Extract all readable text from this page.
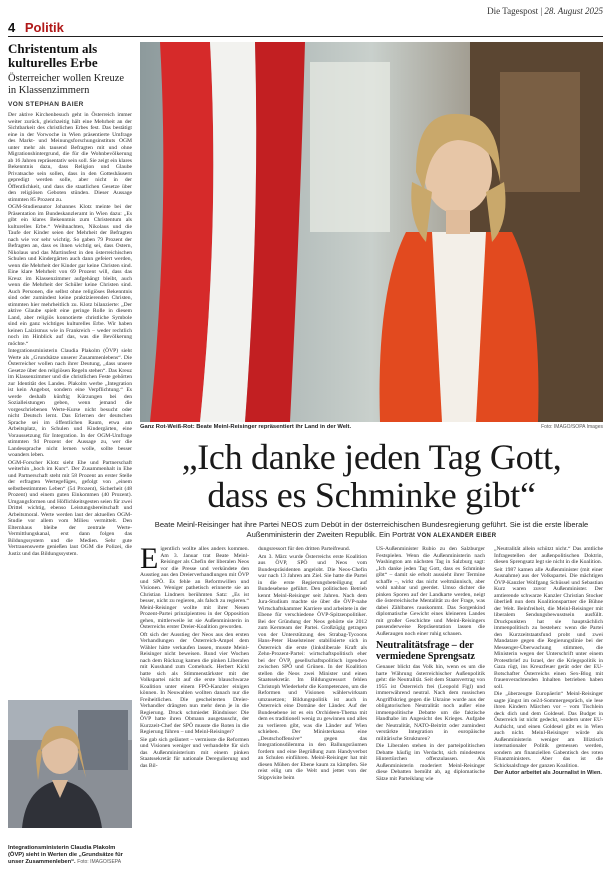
Die Tagespost | 28. August 2025
4 Politik
Christentum als kulturelles Erbe
Österreicher wollen Kreuze in Klassenzimmern
VON STEPHAN BAIER

Der aktive Kirchenbesuch geht in Österreich immer weiter zurück, gleichzeitig hält eine Mehrheit an der Sichtbarkeit des christlichen Erbes fest. Das bestätigt eine in der Vorwoche in Wien präsentierte Umfrage des Markt- und Meinungsforschungsinstituts OGM unter mehr als tausend Befragten mit und ohne Migrationshintergrund, die für die Wohnbevölkerung ab 16 Jahren repräsentativ sein soll. Sie zeigt ein klares Bekenntnis dazu, dass Religion und Glaube Privatsache sein sollen, dass in den Gotteshäusern gepredigt werden solle, aber nicht in der Öffentlichkeit, und dass die staatlichen Gesetze über den religiösen Geboten stünden. Dieser Aussage stimmten 85 Prozent zu.

OGM-Studienautor Johannes Klotz meinte bei der Präsentation im Bundeskanzleramt in Wien dazu: „Es gibt ein klares Bekenntnis zum Christentum als kulturelles Erbe.“ Weihnachten, Nikolaus und die Taufe der Kinder seien der Mehrheit der Befragten nach wie vor sehr wichtig. So gaben 79 Prozent der Befragten an, dass es ihnen wichtig sei, dass Ostern, Nikolaus und das Martinsfest in den österreichischen Schulen und Kindergärten auch dann gefeiert werden, wenn die Mehrheit der Kinder gar keine Christen sind. Eine klare Mehrheit von 69 Prozent will, dass das Kreuz im Klassenzimmer aufgehängt bleibt, auch wenn die Mehrheit der Schüler keine Christen sind. Auch Personen, die selbst ohne religiöses Bekenntnis sind oder zumindest keine praktizierenden Christen, stimmten hier mehrheitlich zu. Klotz bilanzierte: „Der aktive Glaube spielt eine geringe Rolle in diesem Land, aber religiös konnotierte christliche Symbole sind ein ganz wichtiges kulturelles Erbe. Wir haben keinen Laizismus wie in Frankreich – weder rechtlich noch im Hinblick auf das, was die Bevölkerung möchte.“

Integrationsministerin Claudia Plakolm (ÖVP) sieht Werte als „Grundsätze unserer Zusammenlebens“. Die Österreicher wollen nach ihrer Deutung, „dass unsere Gesetze über den religiösen Regeln stehen“. Das Kreuz im Klassenzimmer und die christlichen Feste gehörten zur Identität des Landes. Plakolm werbe „Integration ist kein Angebot, sondern eine Verpflichtung.“ Es werde deshalb künftig Kürzungen bei den Sozialleistungen geben, wenn jemand die vorgeschriebenen Werte-Kurse nicht besucht oder nicht Deutsch lernt. Das Erlernen der deutschen Sprache sei im öffentlichen Raum, etwa am Arbeitsplatz, in Schulen und Kindergärten, eine Voraussetzung für Integration. In der OGM-Umfrage stimmten 94 Prozent der Aussage zu, wer die Landessprache nicht lernen wolle, sollte besser woanders leben.

OGM-Forscher Klotz sieht Ehe und Partnerschaft weiterhin „hoch im Kurs“. Der Zusammenhalt in Ehe und Partnerschaft steht mit 58 Prozent an erster Stelle der erfragten Wertegefüges, gefolgt von „einem selbstbestimmten Leben“ (54 Prozent), Sicherheit (48 Prozent) und einem guten Einkommen (40 Prozent). Umgangsformen und Höflichkeitsgesten seien für zwei Drittel wichtig, ebenso Leistungsbereitschaft und Arbeitsmoral. Werte werden laut der aktuellen OGM-Studie vor allem vom Milieu vermittelt. Den Elternhaus bleibe der zentrale Werte-Vermittlungskanal, erst dann folgen das Bildungssystem und die Medien. Sehr gute Vertrauenswerte genießen laut OGM die Polizei, die Justiz und das Bildungssystem.

Integrationsministerin Claudia Plakolm (ÖVP) sieht in Werten die „Grundsätze für unser Zusammenleben“. Foto: IMAGO/SEPA
Ganz Rot-Weiß-Rot: Beate Meinl-Reisinger repräsentiert ihr Land in der Welt.	Foto: IMAGO/SOPA Images
„Ich danke jeden Tag Gott,
dass es Schminke gibt“
Beate Meinl-Reisinger hat ihre Partei NEOS zum Debüt in der österreichischen Bundesregierung geführt. Sie ist die erste liberale Außenministerin der Zweiten Republik. Ein Porträt VON ALEXANDER EIBER

Eigentlich wollte alles anders kommen. Am 3. Januar trat Beate Meinl-Reisinger als Chefin der liberalen Neos vor die Presse und verkündete den Ausstieg aus den Dreierverhandlungen mit ÖVP und SPÖ. Es fehle an Reformwillen und Visionen. Weniger pathetisch erinnerte sie an Christian Lindners berühmten Satz: „Es ist besser, nicht zu regieren, als falsch zu regieren.“ Meinl-Reisinger wollte mit ihrer Neuen Prozent-Partei prinzipientreu in der Opposition gehen, mittlerweile ist sie Außenministerin in Österreichs erster Dreier-Koalition geworden.

Oft sich der Ausstieg der Neos aus den ersten Verhandlungen der Österreich-Ampel dem Wähler hätte verkaufen lassen, musste Meinl-Reisinger nicht beweisen. Rund vier Wochen nach dem Rückzug kamen die pinken Liberalen mit Kusshand zum Comeback. Herbert Kickl hatte sich als Stimmenstärkster mit der Volkspartei nicht auf die erste blauschwarze Koalition unter einem FPÖ-Kanzler einigen können. In Neuwahlen wollten danach nur die Freiheitlichen. Die gescheiterten Dreier-Verhandler drängten nun mehr denn je in die Regierung. Druck schmiedet Bündnisse: Die ÖVP hatte ihren Obmann ausgetauscht, der Kurzzeit-Chef der SPÖ musste die Roten in die Regierung führen – und Meinl-Reisinger?

Sie gab sich geläutert – vermisste die Reformen und Visionen weniger und verhandelte für sich das Außenministerium mit einem pinken Staatssekretär für nationale Deregulierung und das Bil-

dungsressort für den dritten Parteifreund.

Am 3. März wurde Österreichs erste Koalition aus ÖVP, SPÖ und Neos vom Bundespräsidenten angelobt. Die Neos-Chefin war nach 13 Jahren am Ziel. Sie hatte die Partei in die erste Regierungsbeteiligung auf Bundesebene geführt. Den politischen Betrieb kennt Meinl-Reisinger seit Jahren. Nach dem Jura-Studium machte sie über die ÖVP-nahe Wirtschaftskammer Karriere und arbeitete in der Ebene für verschiedene ÖVP-Spitzenpolitiker. Bei der Gründung der Neos gehörte sie 2012 zum Kernteam der Partei. Großzügig getragen von der Unterstützung des Strabag-Tycoons Hans-Peter Haselsteiner stabilisierte sich in Österreich die erste (linksliberale Kraft als Zehn-Prozent-Partei: wirtschaftspolitisch eher bei der ÖVP, gesellschaftspolitisch irgendwo zwischen SPÖ und Grünen. In der Koalition stellen die Neos zwei Minister und einen Staatssekretär. Im Bildungsressort fehlen Christoph Wiederkehr die Kompetenzen, um die Reformen und Visionen wählerwirksam umzusetzen; Bildungspolitik ist auch in Österreich eine Domäne der Länder. Auf der Bundesebene ist es ein Orchideen-Thema mit dem es traditionell wenig zu gewinnen und alles zu verlieren gibt, was die Länder auf Wien schieben. Der Ministerkassa eine „Deutschoffensive“ gegen das Integrationsdilemma in den Ballungsräumen fordern und eine Begrüßung zum Handyverbot an Schulen einführen. Meinl-Reisinger hat mit diesen Mühen der Ebene kaum zu kämpfen. Sie reist eilig um die Welt und jettet von der Stippvisite beim

US-Außenminister Rubio zu den Salzburger Festspielen. Wenn die Außenministerin nach Washington am nächsten Tag in Salzburg sagt: „Ich danke jeden Tag Gott, dass es Schminke gibt“ – damit sie erholt aussieht ihrer Termine schaffe –, wirkt das nicht weltmännisch, aber wohl nahbar und geerdet. Umso dichter die pinken Sporen auf der Landkarte werden, neigt die österreichische Mentalität zu der Frage, was dabei Zählbares rauskommt. Das Sorgenkind diplomatische Gewicht eines kleineren Landes mit großer Geschichte und Meinl-Reisingers passenderweise Repräsentation lassen die Außeraugen noch einer ruhig schauen.

Neutralitätsfrage – der vermiedene Sprengsatz

Genauer blickt das Volk hin, wenn es um die harte Währung österreichischer Außenpolitik geht: die Neutralität. Seit dem Staatsvertrag von 1955 ist Österreich frei (Leopold Figl) und immerwährend neutral. Nach dem russischen Angriffskrieg gegen die Ukraine wurde aus der obligatorischen Neutralität noch außer eine immenpolitische Debatte um die faktische Handhabe im Angesicht des Krieges. Aufgabe der Neutralität, NATO-Beitritt oder zumindest verstärkte Integration in europäische militärische Strukturen?

Die Liberalen stehen in der parteipolitischen Debatte häufig im Verdacht, sich mindestens Hintertürchen offenzulassen. Als Außenministerin moderiert Meinl-Reisinger diese Debatten bemüht ab, ag diplomatische Sätze mit Parteiklang wie

„Neutralität allein schützt nicht.“ Das amtliche Infragestellen der außenpolitischen Doktrin, diesen Sprengsatz legt sie nicht in die Koalition.

Seit 1987 kamen alle Außenminister (mit einer Ausnahme) aus der Volkspartei. Die mächtigen ÖVP-Kanzler Wolfgang Schüssel und Sebastian Kurz waren zuvor Außenminister. Der amtierende schwarze Kanzler Christian Stocker überließ nun dem Koalitionspartner die Bühne der Welt. Beinfreiheit, die Meinl-Reisinger mit liberalem Sendungsbewusstsein ausfüllt. Druckpunkten hat sie hauptsächlich immenpolitisch zu bestehen: wenn die Partei den Kurzzeitstaatsfund probt und zwei Mandatare gegen die Regierungslinie bei der Messenger-Überwachung stimmen, die Ministerin wegen der Unterschrift unter einem Protestbrief zu Israel, der die Kriegspolitik in Gaza rügt, ins Kreuzfeuer gerät oder der EU-Botschafter Österreichs einen Sex-Blog mit frauenverachtenden Inhalten betrieben haben soll.

Die „überzeugte Europäerin“ Meinl-Reisinger sagte jüngst im oe24-Sommergespräch, sie lese ihren Kindern Märchen vor – vom Tischlein deck dich und dem Goldesel. Das Budget in Österreich ist nicht gedeckt, sondern unter EU-Aufsicht, und einen Goldesel gibt es in Wien auch nicht. Meinl-Reisinger würde als Außenministerin weniger am Illiztisch internationaler Politik gemessen werden, sondern am finanziellen Gabentisch des roten Finanzministers. Aber das ist die Schicksalsfrage der ganzen Koalition.

Der Autor arbeitet als Journalist in Wien.
